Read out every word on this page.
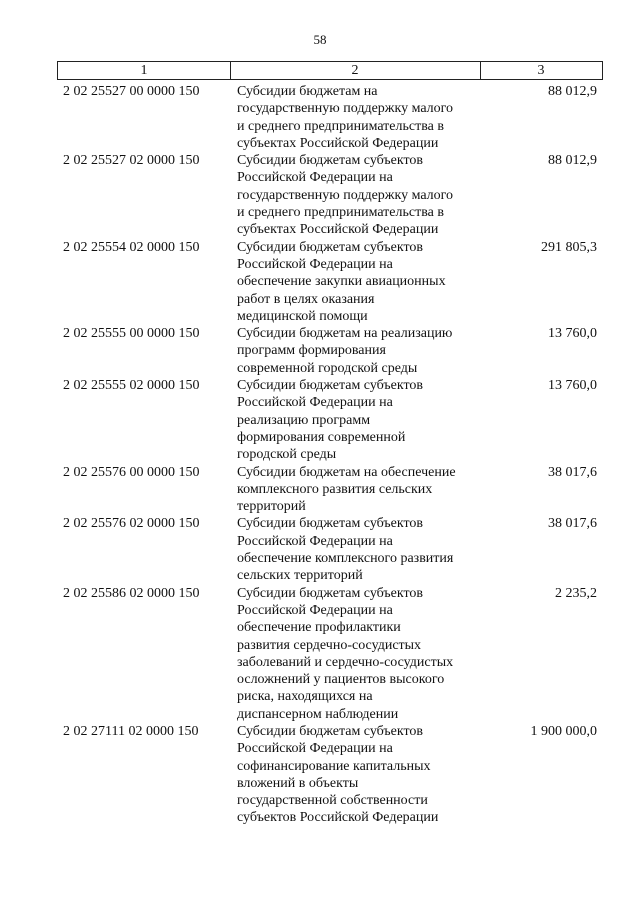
58
1	2	3
2 02 25527 00 0000 150	Субсидии бюджетам на
государственную поддержку малого
и среднего предпринимательства в
субъектах Российской Федерации
88 012,9
2 02 25527 02 0000 150	Субсидии бюджетам субъектов
Российской Федерации на
государственную поддержку малого
и среднего предпринимательства в
субъектах Российской Федерации
88 012,9
2 02 25554 02 0000 150	Субсидии бюджетам субъектов
Российской Федерации на
обеспечение закупки авиационных
работ в целях оказания
медицинской помощи
291 805,3
2 02 25555 00 0000 150	Субсидии бюджетам на реализацию
программ формирования
современной городской среды
13 760,0
2 02 25555 02 0000 150	Субсидии бюджетам субъектов
Российской Федерации на
реализацию программ
формирования современной
городской среды
13 760,0
2 02 25576 00 0000 150	Субсидии бюджетам на обеспечение
комплексного развития сельских
территорий
38 017,6
2 02 25576 02 0000 150	Субсидии бюджетам субъектов
Российской Федерации на
обеспечение комплексного развития
сельских территорий
38 017,6
2 02 25586 02 0000 150	Субсидии бюджетам субъектов
Российской Федерации на
обеспечение профилактики
развития сердечно-сосудистых
заболеваний и сердечно-сосудистых
осложнений у пациентов высокого
риска, находящихся на
диспансерном наблюдении
2 235,2
2 02 27111 02 0000 150	Субсидии бюджетам субъектов
Российской Федерации на
софинансирование капитальных
вложений в объекты
государственной собственности
субъектов Российской Федерации
1 900 000,0
